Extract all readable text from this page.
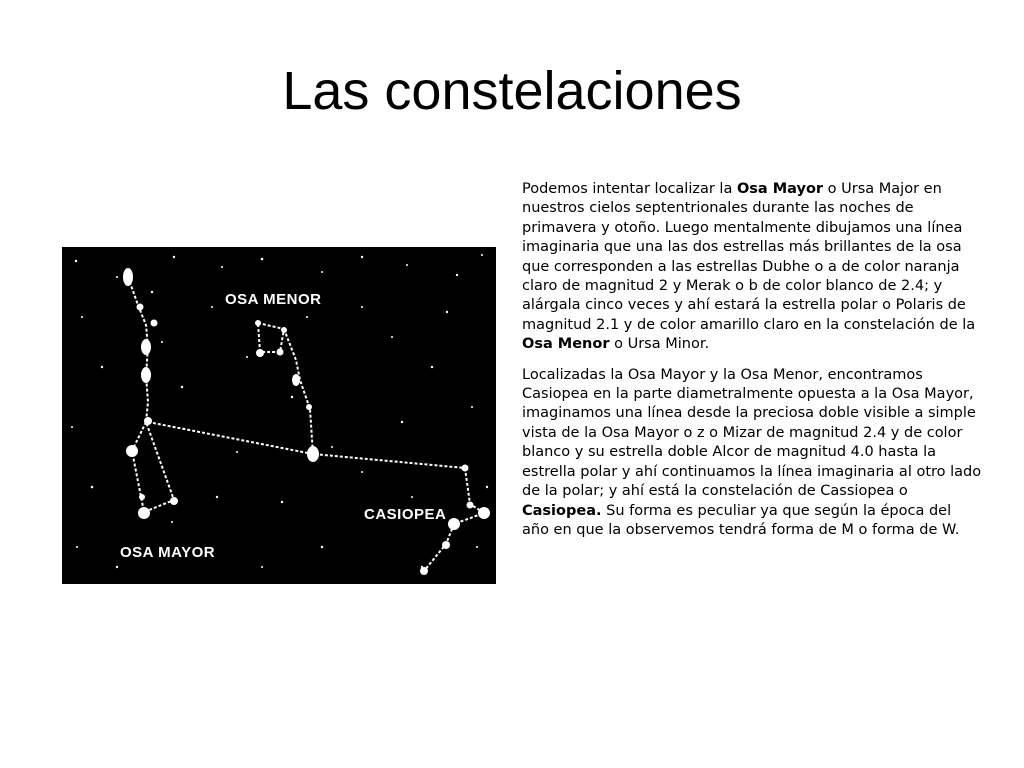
Las constelaciones
OSA MENOR
OSA MAYOR
CASIOPEA

Podemos intentar localizar la Osa Mayor o Ursa Major en nuestros cielos septentrionales durante las noches de primavera y otoño. Luego mentalmente dibujamos una línea imaginaria que una las dos estrellas más brillantes de la osa que corresponden a las estrellas Dubhe o a de color naranja claro de magnitud 2 y Merak o b de color blanco de 2.4; y alárgala cinco veces y ahí estará la estrella polar o Polaris de magnitud 2.1 y de color amarillo claro en la constelación de la Osa Menor o Ursa Minor.

Localizadas la Osa Mayor y la Osa Menor, encontramos Casiopea en la parte diametralmente opuesta a la Osa Mayor, imaginamos una línea desde la preciosa doble visible a simple vista de la Osa Mayor o z o Mizar de magnitud 2.4 y de color blanco y su estrella doble Alcor de magnitud 4.0 hasta la estrella polar y ahí continuamos la línea imaginaria al otro lado de la polar; y ahí está la constelación de Cassiopea o Casiopea. Su forma es peculiar ya que según la época del año en que la observemos tendrá forma de M o forma de W.
